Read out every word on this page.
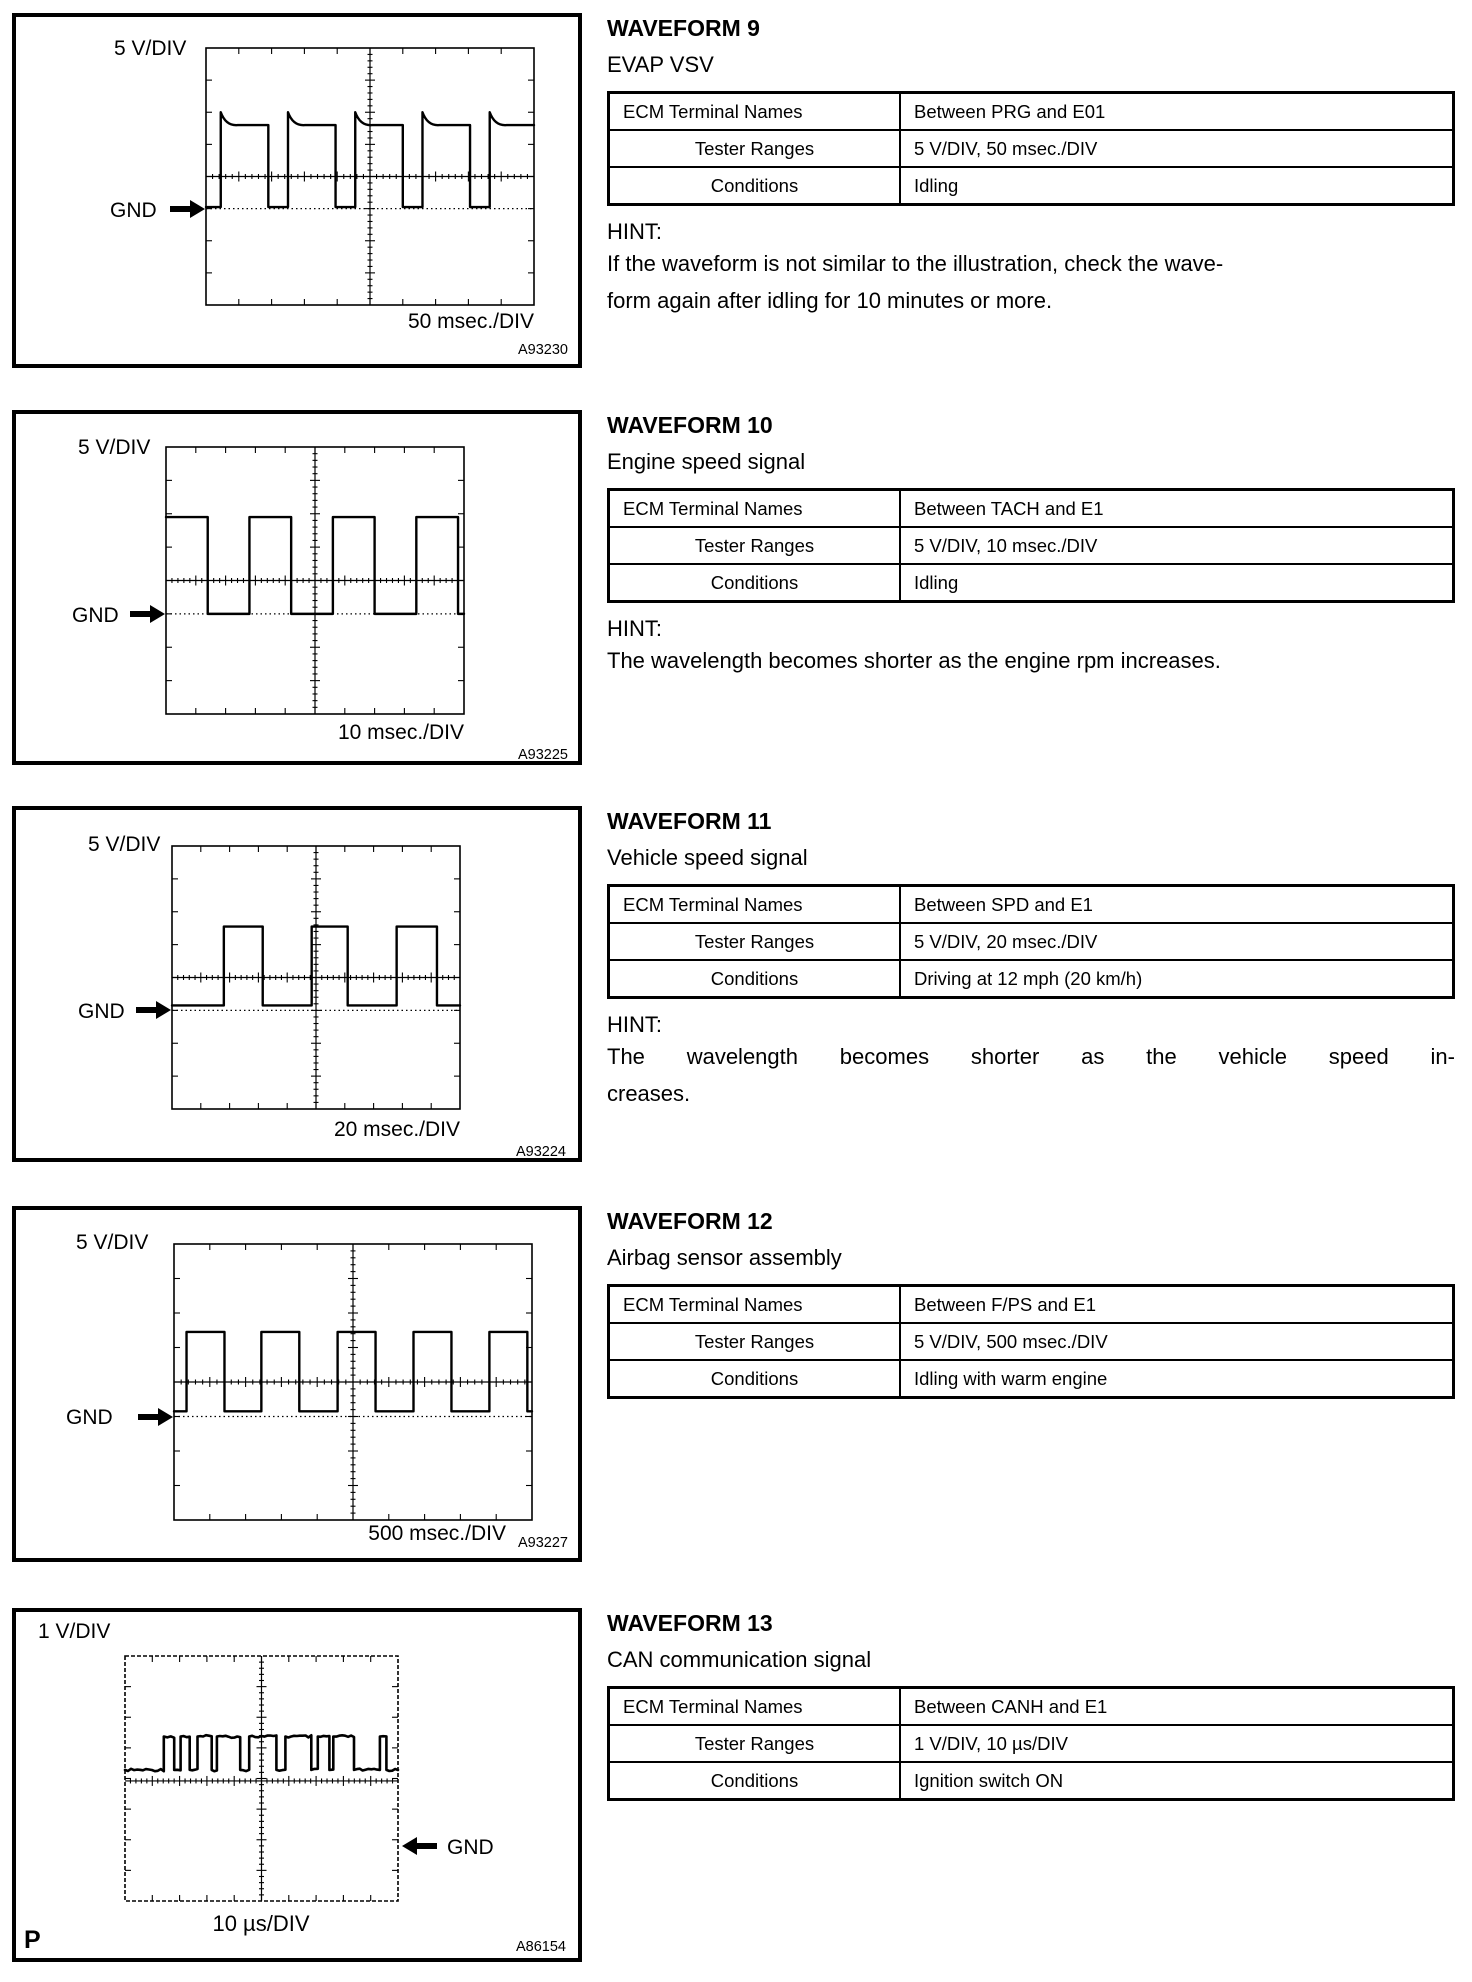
5 V/DIV
GND
50 msec./DIV
A93230
5 V/DIV
GND
10 msec./DIV
A93225
5 V/DIV
GND
20 msec./DIV
A93224
5 V/DIV
GND
500 msec./DIV A93227
1 V/DIV
GND
10 µs/DIV
A86154
P
WAVEFORM 9
EVAP VSV
ECM Terminal Names	Between PRG and E01
Tester Ranges	5 V/DIV, 50 msec./DIV
Conditions	Idling
HINT:
If the waveform is not similar to the illustration, check the wave-
form again after idling for 10 minutes or more.
WAVEFORM 10
Engine speed signal
ECM Terminal Names	Between TACH and E1
Tester Ranges	5 V/DIV, 10 msec./DIV
Conditions	Idling
HINT:
The wavelength becomes shorter as the engine rpm increases.
WAVEFORM 11
Vehicle speed signal
ECM Terminal Names	Between SPD and E1
Tester Ranges	5 V/DIV, 20 msec./DIV
Conditions	Driving at 12 mph (20 km/h)
HINT:
The wavelength becomes shorter as the vehicle speed in-
creases.
WAVEFORM 12
Airbag sensor assembly
ECM Terminal Names	Between F/PS and E1
Tester Ranges	5 V/DIV, 500 msec./DIV
Conditions	Idling with warm engine
WAVEFORM 13
CAN communication signal
ECM Terminal Names	Between CANH and E1
Tester Ranges	1 V/DIV, 10 µs/DIV
Conditions	Ignition switch ON
